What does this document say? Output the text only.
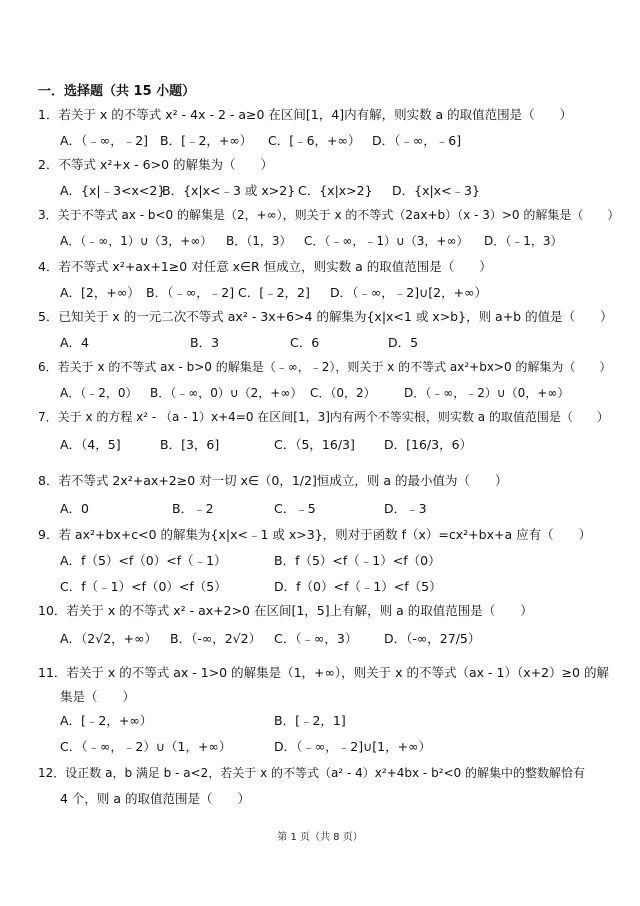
一．选择题（共 15 小题）
1．若关于 x 的不等式 x² - 4x - 2 - a≥0 在区间[1，4]内有解，则实数 a 的取值范围是（　　）
A．（﹣∞，﹣2] B．[﹣2，+∞） C．[﹣6，+∞） D．（﹣∞，﹣6]
2．不等式 x²+x - 6>0 的解集为（　　）
A．{x|﹣3<x<2}
B．{x|x<﹣3 或 x>2} C．{x|x>2} D．{x|x<﹣3}
3．关于不等式 ax - b<0 的解集是（2，+∞），则关于 x 的不等式（2ax+b）（x - 3）>0 的解集是（　　）
A．（﹣∞，1）∪（3，+∞） B．（1，3） C．（﹣∞，﹣1）∪（3，+∞） D．（﹣1，3）
4．若不等式 x²+ax+1≥0 对任意 x∈R 恒成立，则实数 a 的取值范围是（　　）
A．[2，+∞） B．（﹣∞，﹣2] C．[﹣2，2] D．（﹣∞，﹣2]∪[2，+∞）
5．已知关于 x 的一元二次不等式 ax² - 3x+6>4 的解集为{x|x<1 或 x>b}，则 a+b 的值是（　　）
A．4	B．3	C．6	D．5
6．若关于 x 的不等式 ax - b>0 的解集是（﹣∞，﹣2），则关于 x 的不等式 ax²+bx>0 的解集为（　　）
A．（﹣2，0） B．（﹣∞，0）∪（2，+∞） C．（0，2） D．（﹣∞，﹣2）∪（0，+∞）
7．关于 x 的方程 x² - （a - 1）x+4=0 在区间[1，3]内有两个不等实根，则实数 a 的取值范围是（　　）
A．（4，5]	B．[3，6]	C．（5，16/3] D．[16/3，6）
8．若不等式 2x²+ax+2≥0 对一切 x∈（0，1/2]恒成立，则 a 的最小值为（　　）
A．0	B．﹣2	C．﹣5	D．﹣3
9．若 ax²+bx+c<0 的解集为{x|x<﹣1 或 x>3}，则对于函数 f（x）=cx²+bx+a 应有（　　）
A．f（5）<f（0）<f（﹣1）	B．f（5）<f（﹣1）<f（0）
C．f（﹣1）<f（0）<f（5）	D．f（0）<f（﹣1）<f（5）
10．若关于 x 的不等式 x² - ax+2>0 在区间[1，5]上有解，则 a 的取值范围是（　　）
A．（2√2，+∞） B．（-∞，2√2） C．（﹣∞，3） D．（-∞，27/5）
11．若关于 x 的不等式 ax - 1>0 的解集是（1，+∞），则关于 x 的不等式（ax - 1）（x+2）≥0 的解
集是（　　）
A．[﹣2，+∞）	B．[﹣2，1]
C．（﹣∞，﹣2）∪（1，+∞）	D．（﹣∞，﹣2]∪[1，+∞）
12．设正数 a，b 满足 b - a<2，若关于 x 的不等式（a² - 4）x²+4bx - b²<0 的解集中的整数解恰有
4 个，则 a 的取值范围是（　　）
第 1 页（共 8 页）
